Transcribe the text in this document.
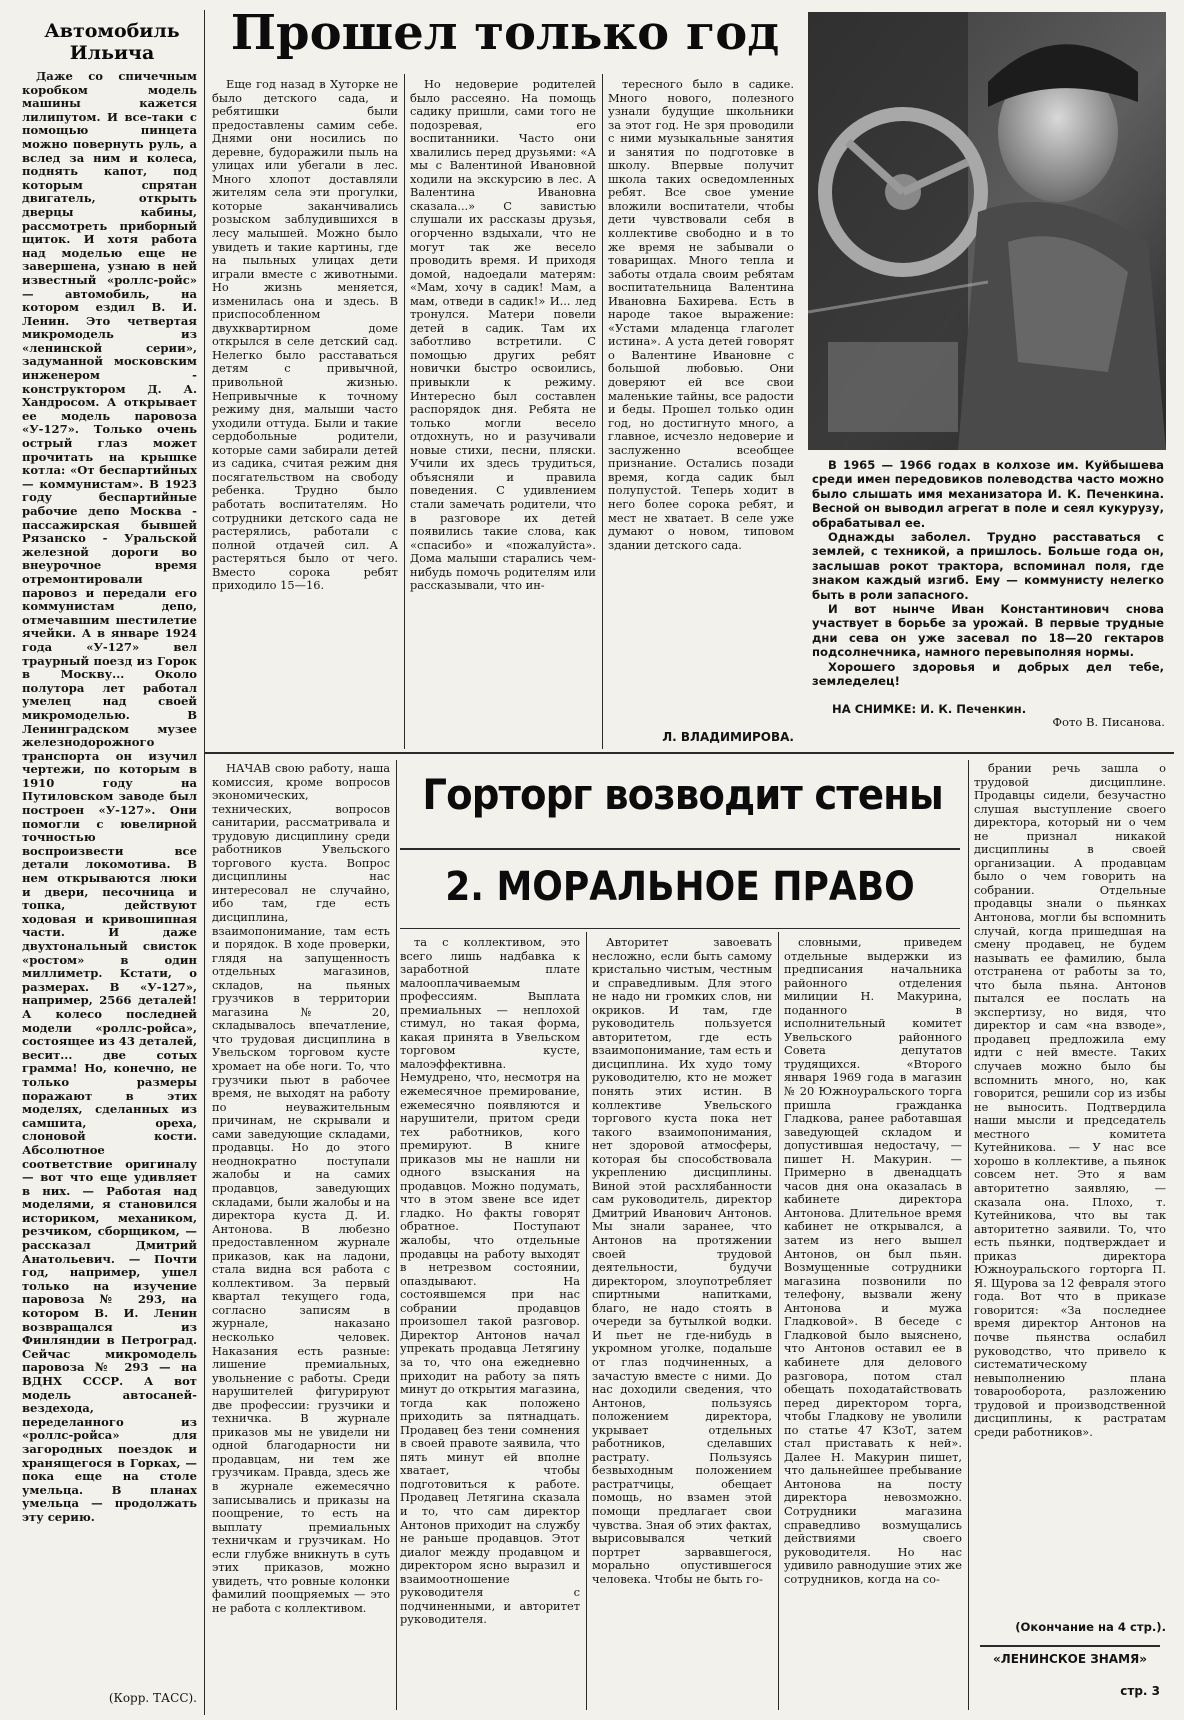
Автомобиль Ильича

Даже со спичечным коробком модель машины кажется лилипутом. И все-таки с помощью пинцета можно повернуть руль, а вслед за ним и колеса, поднять капот, под которым спрятан двигатель, открыть дверцы кабины, рассмотреть приборный щиток. И хотя работа над моделью еще не завершена, узнаю в ней известный «роллс-ройс» — автомобиль, на котором ездил В. И. Ленин. Это четвертая микромодель из «ленинской серии», задуманной московским инженером - конструктором Д. А. Хандросом. А открывает ее модель паровоза «У-127». Только очень острый глаз может прочитать на крышке котла: «От беспартийных — коммунистам». В 1923 году беспартийные рабочие депо Москва - пассажирская бывшей Рязанско - Уральской железной дороги во внеурочное время отремонтировали паровоз и передали его коммунистам депо, отмечавшим шестилетие ячейки. А в январе 1924 года «У-127» вел траурный поезд из Горок в Москву... Около полутора лет работал умелец над своей микромоделью. В Ленинградском музее железнодорожного транспорта он изучил чертежи, по которым в 1910 году на Путиловском заводе был построен «У-127». Они помогли с ювелирной точностью воспроизвести все детали локомотива. В нем открываются люки и двери, песочница и топка, действуют ходовая и кривошипная части. И даже двухтональный свисток «ростом» в один миллиметр. Кстати, о размерах. В «У-127», например, 2566 деталей! А колесо последней модели «роллс-ройса», состоящее из 43 деталей, весит... две сотых грамма! Но, конечно, не только размеры поражают в этих моделях, сделанных из самшита, ореха, слоновой кости. Абсолютное соответствие оригиналу — вот что еще удивляет в них. — Работая над моделями, я становился историком, механиком, резчиком, сборщиком, — рассказал Дмитрий Анатольевич. — Почти год, например, ушел только на изучение паровоза № 293, на котором В. И. Ленин возвращался из Финляндии в Петроград. Сейчас микромодель паровоза № 293 — на ВДНХ СССР. А вот модель автосаней-вездехода, переделанного из «роллс-ройса» для загородных поездок и хранящегося в Горках, — пока еще на столе умельца. В планах умельца — продолжать эту серию.

(Корр. ТАСС).
Прошел только год

Еще год назад в Хуторке не было детского сада, и ребятишки были предоставлены самим себе. Днями они носились по деревне, будоражили пыль на улицах или убегали в лес. Много хлопот доставляли жителям села эти прогулки, которые заканчивались розыском заблудившихся в лесу малышей. Можно было увидеть и такие картины, где на пыльных улицах дети играли вместе с животными. Но жизнь меняется, изменилась она и здесь. В приспособленном двухквартирном доме открылся в селе детский сад. Нелегко было расставаться детям с привычной, привольной жизнью. Непривычные к точному режиму дня, малыши часто уходили оттуда. Были и такие сердобольные родители, которые сами забирали детей из садика, считая режим дня посягательством на свободу ребенка. Трудно было работать воспитателям. Но сотрудники детского сада не растерялись, работали с полной отдачей сил. А растеряться было от чего. Вместо сорока ребят приходило 15—16.

Но недоверие родителей было рассеяно. На помощь садику пришли, сами того не подозревая, его воспитанники. Часто они хвалились перед друзьями: «А мы с Валентиной Ивановной ходили на экскурсию в лес. А Валентина Ивановна сказала...» С завистью слушали их рассказы друзья, огорченно вздыхали, что не могут так же весело проводить время. И приходя домой, надоедали матерям: «Мам, хочу в садик! Мам, а мам, отведи в садик!» И... лед тронулся. Матери повели детей в садик. Там их заботливо встретили. С помощью других ребят новички быстро освоились, привыкли к режиму. Интересно был составлен распорядок дня. Ребята не только могли весело отдохнуть, но и разучивали новые стихи, песни, пляски. Учили их здесь трудиться, объясняли и правила поведения. С удивлением стали замечать родители, что в разговоре их детей появились такие слова, как «спасибо» и «пожалуйста». Дома малыши старались чем-нибудь помочь родителям или рассказывали, что ин-

тересного было в садике. Много нового, полезного узнали будущие школьники за этот год. Не зря проводили с ними музыкальные занятия и занятия по подготовке в школу. Впервые получит школа таких осведомленных ребят. Все свое умение вложили воспитатели, чтобы дети чувствовали себя в коллективе свободно и в то же время не забывали о товарищах. Много тепла и заботы отдала своим ребятам воспитательница Валентина Ивановна Бахирева. Есть в народе такое выражение: «Устами младенца глаголет истина». А уста детей говорят о Валентине Ивановне с большой любовью. Они доверяют ей все свои маленькие тайны, все радости и беды. Прошел только один год, но достигнуто много, а главное, исчезло недоверие и заслуженно всеобщее признание. Остались позади время, когда садик был полупустой. Теперь ходит в него более сорока ребят, и мест не хватает. В селе уже думают о новом, типовом здании детского сада.

Л. ВЛАДИМИРОВА.

В 1965 — 1966 годах в колхозе им. Куйбышева среди имен передовиков полеводства часто можно было слышать имя механизатора И. К. Печенкина. Весной он выводил агрегат в поле и сеял кукурузу, обрабатывал ее.

Однажды заболел. Трудно расставаться с землей, с техникой, а пришлось. Больше года он, заслышав рокот трактора, вспоминал поля, где знаком каждый изгиб. Ему — коммунисту нелегко быть в роли запасного.

И вот нынче Иван Константинович снова участвует в борьбе за урожай. В первые трудные дни сева он уже засевал по 18—20 гектаров подсолнечника, намного перевыполняя нормы.

Хорошего здоровья и добрых дел тебе, земледелец!

НА СНИМКЕ: И. К. Печенкин.
Фото В. Писанова.

НАЧАВ свою работу, наша комиссия, кроме вопросов экономических, технических, вопросов санитарии, рассматривала и трудовую дисциплину среди работников Увельского торгового куста. Вопрос дисциплины нас интересовал не случайно, ибо там, где есть дисциплина, взаимопонимание, там есть и порядок. В ходе проверки, глядя на запущенность отдельных магазинов, складов, на пьяных грузчиков в территории магазина № 20, складывалось впечатление, что трудовая дисциплина в Увельском торговом кусте хромает на обе ноги. То, что грузчики пьют в рабочее время, не выходят на работу по неуважительным причинам, не скрывали и сами заведующие складами, продавцы. Но до этого неоднократно поступали жалобы и на самих продавцов, заведующих складами, были жалобы и на директора куста Д. И. Антонова. В любезно предоставленном журнале приказов, как на ладони, стала видна вся работа с коллективом. За первый квартал текущего года, согласно записям в журнале, наказано несколько человек. Наказания есть разные: лишение премиальных, увольнение с работы. Среди нарушителей фигурируют две профессии: грузчики и техничка. В журнале приказов мы не увидели ни одной благодарности ни продавцам, ни тем же грузчикам. Правда, здесь же в журнале ежемесячно записывались и приказы на поощрение, то есть на выплату премиальных техничкам и грузчикам. Но если глубже вникнуть в суть этих приказов, можно увидеть, что ровные колонки фамилий поощряемых — это не работа с коллективом.

Горторг возводит стены
2. МОРАЛЬНОЕ ПРАВО

та с коллективом, это всего лишь надбавка к заработной плате малооплачиваемым профессиям. Выплата премиальных — неплохой стимул, но такая форма, какая принята в Увельском торговом кусте, малоэффективна. Немудрено, что, несмотря на ежемесячное премирование, ежемесячно появляются и нарушители, притом среди тех работников, кого премируют. В книге приказов мы не нашли ни одного взыскания на продавцов. Можно подумать, что в этом звене все идет гладко. Но факты говорят обратное. Поступают жалобы, что отдельные продавцы на работу выходят в нетрезвом состоянии, опаздывают. На состоявшемся при нас собрании продавцов произошел такой разговор. Директор Антонов начал упрекать продавца Летягину за то, что она ежедневно приходит на работу за пять минут до открытия магазина, тогда как положено приходить за пятнадцать. Продавец без тени сомнения в своей правоте заявила, что пять минут ей вполне хватает, чтобы подготовиться к работе. Продавец Летягина сказала и то, что сам директор Антонов приходит на службу не раньше продавцов. Этот диалог между продавцом и директором ясно выразил и взаимоотношение руководителя с подчиненными, и авторитет руководителя.

Авторитет завоевать несложно, если быть самому кристально чистым, честным и справедливым. Для этого не надо ни громких слов, ни окриков. И там, где руководитель пользуется авторитетом, где есть взаимопонимание, там есть и дисциплина. Их худо тому руководителю, кто не может понять этих истин. В коллективе Увельского торгового куста пока нет такого взаимопонимания, нет здоровой атмосферы, которая бы способствовала укреплению дисциплины. Виной этой расхлябанности сам руководитель, директор Дмитрий Иванович Антонов. Мы знали заранее, что Антонов на протяжении своей трудовой деятельности, будучи директором, злоупотребляет спиртными напитками, благо, не надо стоять в очереди за бутылкой водки. И пьет не где-нибудь в укромном уголке, подальше от глаз подчиненных, а зачастую вместе с ними. До нас доходили сведения, что Антонов, пользуясь положением директора, укрывает отдельных работников, сделавших растрату. Пользуясь безвыходным положением растратчицы, обещает помощь, но взамен этой помощи предлагает свои чувства. Зная об этих фактах, вырисовывался четкий портрет зарвавшегося, морально опустившегося человека. Чтобы не быть го-

словными, приведем отдельные выдержки из предписания начальника районного отделения милиции Н. Макурина, поданного в исполнительный комитет Увельского районного Совета депутатов трудящихся. «Второго января 1969 года в магазин № 20 Южноуральского торга пришла гражданка Гладкова, ранее работавшая заведующей складом и допустившая недостачу, — пишет Н. Макурин. — Примерно в двенадцать часов дня она оказалась в кабинете директора Антонова. Длительное время кабинет не открывался, а затем из него вышел Антонов, он был пьян. Возмущенные сотрудники магазина позвонили по телефону, вызвали жену Антонова и мужа Гладковой». В беседе с Гладковой было выяснено, что Антонов оставил ее в кабинете для делового разговора, потом стал обещать походатайствовать перед директором торга, чтобы Гладкову не уволили по статье 47 КЗоТ, затем стал приставать к ней». Далее Н. Макурин пишет, что дальнейшее пребывание Антонова на посту директора невозможно. Сотрудники магазина справедливо возмущались действиями своего руководителя. Но нас удивило равнодушие этих же сотрудников, когда на со-

брании речь зашла о трудовой дисциплине. Продавцы сидели, безучастно слушая выступление своего директора, который ни о чем не признал никакой дисциплины в своей организации. А продавцам было о чем говорить на собрании. Отдельные продавцы знали о пьянках Антонова, могли бы вспомнить случай, когда пришедшая на смену продавец, не будем называть ее фамилию, была отстранена от работы за то, что была пьяна. Антонов пытался ее послать на экспертизу, но видя, что директор и сам «на взводе», продавец предложила ему идти с ней вместе. Таких случаев можно было бы вспомнить много, но, как говорится, решили сор из избы не выносить. Подтвердила наши мысли и председатель местного комитета Кутейникова. — У нас все хорошо в коллективе, а пьянок совсем нет. Это я вам авторитетно заявляю, — сказала она. Плохо, т. Кутейникова, что вы так авторитетно заявили. То, что есть пьянки, подтверждает и приказ директора Южноуральского горторга П. Я. Щурова за 12 февраля этого года. Вот что в приказе говорится: «За последнее время директор Антонов на почве пьянства ослабил руководство, что привело к систематическому невыполнению плана товарооборота, разложению трудовой и производственной дисциплины, к растратам среди работников».

(Окончание на 4 стр.).
«ЛЕНИНСКОЕ ЗНАМЯ»
стр. 3
